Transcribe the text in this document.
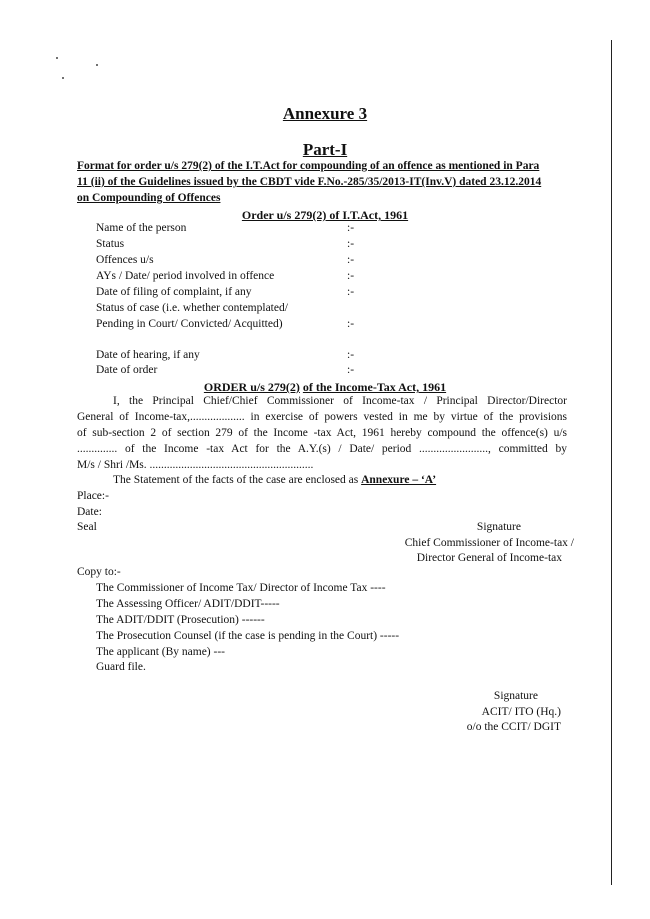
Annexure 3
Part-I
Format for order u/s 279(2) of the I.T.Act for compounding of an offence as mentioned in Para
11 (ii) of the Guidelines issued by the CBDT vide F.No.-285/35/2013-IT(Inv.V) dated 23.12.2014
on Compounding of Offences
Order u/s 279(2) of I.T.Act, 1961
Name of the person	:-
Status	:-
Offences u/s	:-
AYs / Date/ period involved in offence	:-
Date of filing of complaint, if any	:-
Status of case (i.e. whether contemplated/
Pending in Court/ Convicted/ Acquitted)	:-
Date of hearing, if any	:-
Date of order	:-
ORDER u/s 279(2) of the Income-Tax Act, 1961
I, the Principal Chief/Chief Commissioner of Income-tax / Principal Director/Director
General of Income-tax,................... in exercise of powers vested in me by virtue of the provisions
of sub-section 2 of section 279 of the Income -tax Act, 1961 hereby compound the offence(s) u/s
.............. of the Income -tax Act for the A.Y.(s) / Date/ period ........................, committed by
M/s / Shri /Ms. .........................................................
The Statement of the facts of the case are enclosed as Annexure – ‘A’
Place:-
Date:
Seal	Signature
Chief Commissioner of Income-tax /
Director General of Income-tax
Copy to:-
The Commissioner of Income Tax/ Director of Income Tax ----
The Assessing Officer/ ADIT/DDIT-----
The ADIT/DDIT (Prosecution) ------
The Prosecution Counsel (if the case is pending in the Court) -----
The applicant (By name) ---
Guard file.
Signature
ACIT/ ITO (Hq.)
o/o the CCIT/ DGIT
